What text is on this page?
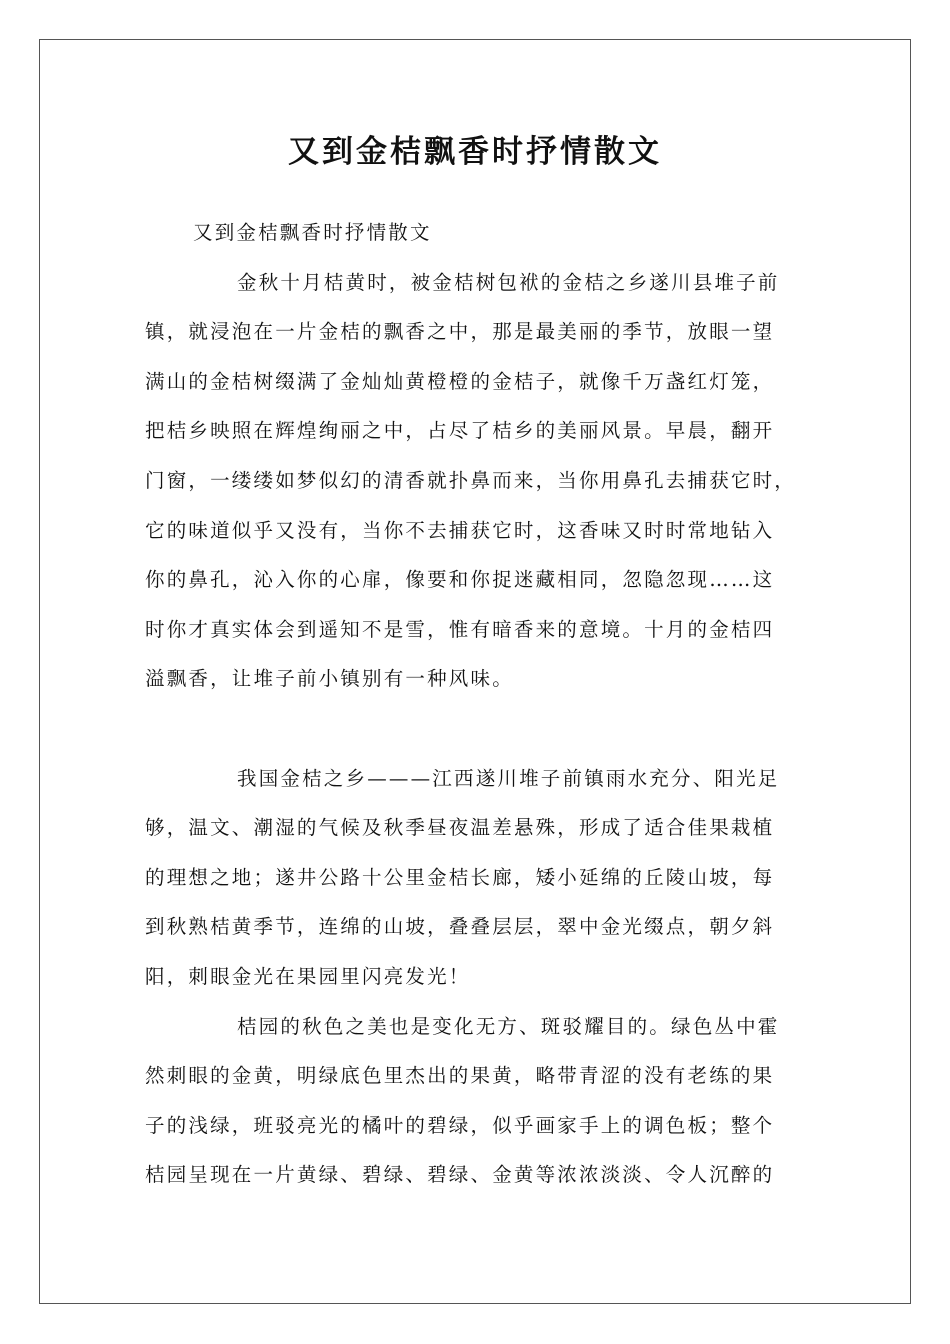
又到金桔飘香时抒情散文
又到金桔飘香时抒情散文
金秋十月桔黄时，被金桔树包袱的金桔之乡遂川县堆子前
镇，就浸泡在一片金桔的飘香之中，那是最美丽的季节，放眼一望
满山的金桔树缀满了金灿灿黄橙橙的金桔子，就像千万盏红灯笼，
把桔乡映照在辉煌绚丽之中，占尽了桔乡的美丽风景。早晨，翻开
门窗，一缕缕如梦似幻的清香就扑鼻而来，当你用鼻孔去捕获它时，
它的味道似乎又没有，当你不去捕获它时，这香味又时时常地钻入
你的鼻孔，沁入你的心扉，像要和你捉迷藏相同，忽隐忽现……这
时你才真实体会到遥知不是雪，惟有暗香来的意境。十月的金桔四
溢飘香，让堆子前小镇别有一种风味。
我国金桔之乡———江西遂川堆子前镇雨水充分、阳光足
够，温文、潮湿的气候及秋季昼夜温差悬殊，形成了适合佳果栽植
的理想之地；遂井公路十公里金桔长廊，矮小延绵的丘陵山坡，每
到秋熟桔黄季节，连绵的山坡，叠叠层层，翠中金光缀点，朝夕斜
阳，刺眼金光在果园里闪亮发光！
桔园的秋色之美也是变化无方、斑驳耀目的。绿色丛中霍
然刺眼的金黄，明绿底色里杰出的果黄，略带青涩的没有老练的果
子的浅绿，班驳亮光的橘叶的碧绿，似乎画家手上的调色板；整个
桔园呈现在一片黄绿、碧绿、碧绿、金黄等浓浓淡淡、令人沉醉的
